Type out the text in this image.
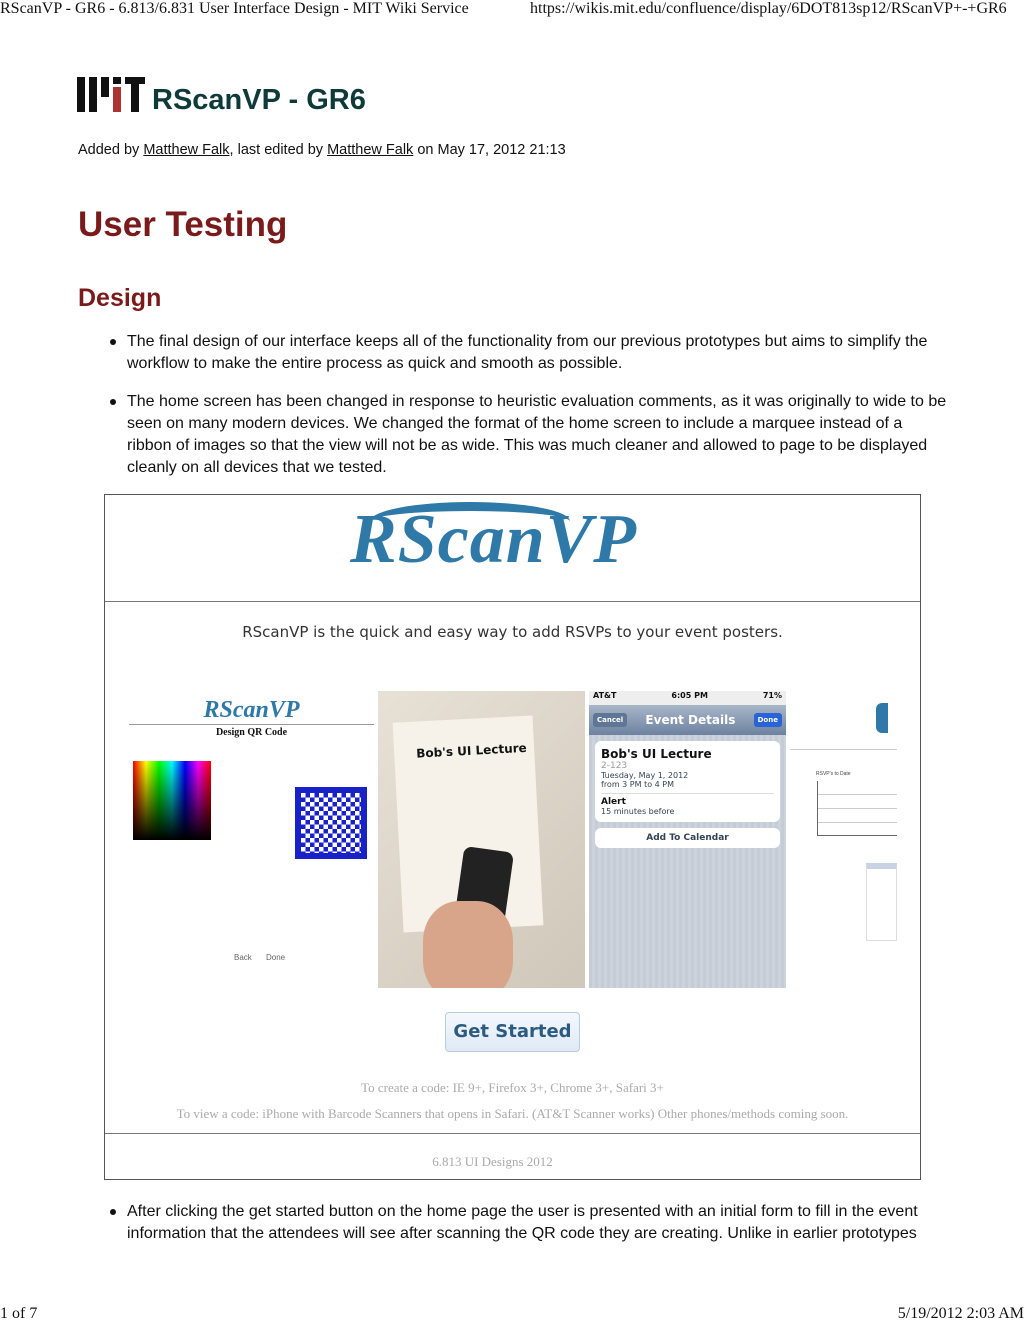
RScanVP - GR6 - 6.813/6.831 User Interface Design - MIT Wiki Service	https://wikis.mit.edu/confluence/display/6DOT813sp12/RScanVP+-+GR6
RScanVP - GR6
Added by Matthew Falk, last edited by Matthew Falk on May 17, 2012 21:13
User Testing
Design
The final design of our interface keeps all of the functionality from our previous prototypes but aims to simplify the workflow to make the entire process as quick and smooth as possible.
The home screen has been changed in response to heuristic evaluation comments, as it was originally to wide to be seen on many modern devices. We changed the format of the home screen to include a marquee instead of a ribbon of images so that the view will not be as wide. This was much cleaner and allowed to page to be displayed cleanly on all devices that we tested.
RScanVP
RScanVP is the quick and easy way to add RSVPs to your event posters.
RScanVP
Design QR Code
Back Done
Bob's UI Lecture
AT&T	6:05 PM	71%
Cancel	Event Details	Done
Bob's UI Lecture
2-123
Tuesday, May 1, 2012
from 3 PM to 4 PM
Alert
15 minutes before
Add To Calendar
RSVP's to Date
Get Started
To create a code: IE 9+, Firefox 3+, Chrome 3+, Safari 3+
To view a code: iPhone with Barcode Scanners that opens in Safari. (AT&T Scanner works) Other phones/methods coming soon.
6.813 UI Designs 2012
After clicking the get started button on the home page the user is presented with an initial form to fill in the event information that the attendees will see after scanning the QR code they are creating. Unlike in earlier prototypes
1 of 7	5/19/2012 2:03 AM
